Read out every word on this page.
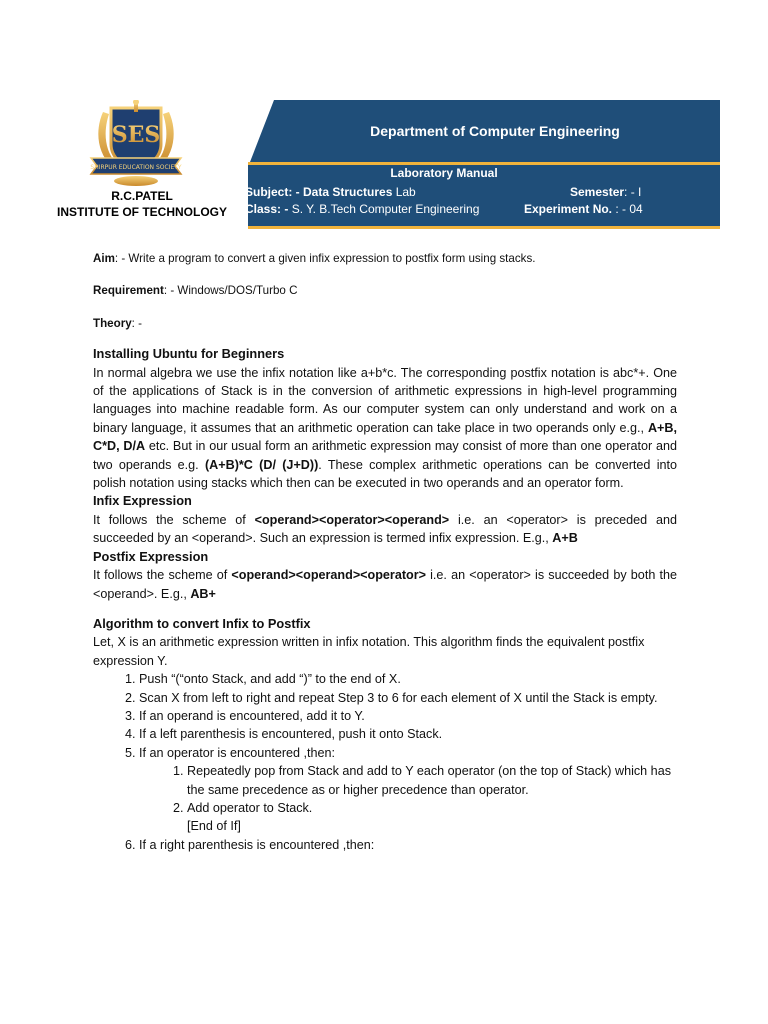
SES
SHIRPUR EDUCATION SOCIETY
R.C.PATEL
INSTITUTE OF TECHNOLOGY
Department of Computer Engineering
Laboratory Manual
Subject: - Data Structures Lab	Semester: - I
Class: - S. Y. B.Tech Computer Engineering	Experiment No. : - 04

Aim: - Write a program to convert a given infix expression to postfix form using stacks.

Requirement: - Windows/DOS/Turbo C

Theory: -

Installing Ubuntu for Beginners

In normal algebra we use the infix notation like a+b*c. The corresponding postfix notation is abc*+. One of the applications of Stack is in the conversion of arithmetic expressions in high-level programming languages into machine readable form. As our computer system can only understand and work on a binary language, it assumes that an arithmetic operation can take place in two operands only e.g., A+B, C*D, D/A etc. But in our usual form an arithmetic expression may consist of more than one operator and two operands e.g. (A+B)*C (D/ (J+D)). These complex arithmetic operations can be converted into polish notation using stacks which then can be executed in two operands and an operator form.

Infix Expression

It follows the scheme of <operand><operator><operand> i.e. an <operator> is preceded and succeeded by an <operand>. Such an expression is termed infix expression. E.g., A+B

Postfix Expression

It follows the scheme of <operand><operand><operator> i.e. an <operator> is succeeded by both the <operand>. E.g., AB+

Algorithm to convert Infix to Postfix

Let, X is an arithmetic expression written in infix notation. This algorithm finds the equivalent postfix expression Y.

1. Push “(“onto Stack, and add “)” to the end of X.
2. Scan X from left to right and repeat Step 3 to 6 for each element of X until the Stack is empty.
3. If an operand is encountered, add it to Y.
4. If a left parenthesis is encountered, push it onto Stack.
5. If an operator is encountered ,then:
1. Repeatedly pop from Stack and add to Y each operator (on the top of Stack) which has the same precedence as or higher precedence than operator.
2. Add operator to Stack.
[End of If]
6. If a right parenthesis is encountered ,then:
